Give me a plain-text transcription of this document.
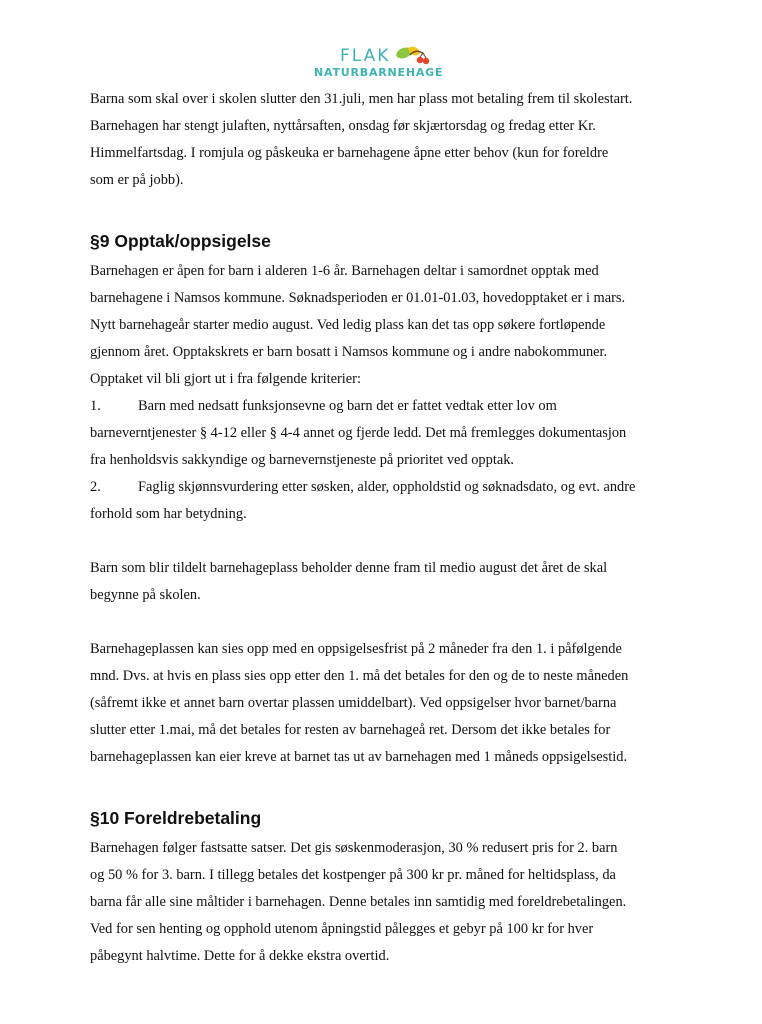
FLAK
NATURBARNEHAGE

Barna som skal over i skolen slutter den 31.juli, men har plass mot betaling frem til skolestart.
Barnehagen har stengt julaften, nyttårsaften, onsdag før skjærtorsdag og fredag etter Kr.
Himmelfartsdag. I romjula og påskeuka er barnehagene åpne etter behov (kun for foreldre
som er på jobb).

§9 Opptak/oppsigelse

Barnehagen er åpen for barn i alderen 1-6 år. Barnehagen deltar i samordnet opptak med
barnehagene i Namsos kommune. Søknadsperioden er 01.01-01.03, hovedopptaket er i mars.
Nytt barnehageår starter medio august. Ved ledig plass kan det tas opp søkere fortløpende
gjennom året. Opptakskrets er barn bosatt i Namsos kommune og i andre nabokommuner.
Opptaket vil bli gjort ut i fra følgende kriterier:

1.	Barn med nedsatt funksjonsevne og barn det er fattet vedtak etter lov om
barneverntjenester § 4-12 eller § 4-4 annet og fjerde ledd. Det må fremlegges dokumentasjon
fra henholdsvis sakkyndige og barnevernstjeneste på prioritet ved opptak.
2.	Faglig skjønnsvurdering etter søsken, alder, oppholdstid og søknadsdato, og evt. andre
forhold som har betydning.

Barn som blir tildelt barnehageplass beholder denne fram til medio august det året de skal
begynne på skolen.

Barnehageplassen kan sies opp med en oppsigelsesfrist på 2 måneder fra den 1. i påfølgende
mnd. Dvs. at hvis en plass sies opp etter den 1. må det betales for den og de to neste måneden
(såfremt ikke et annet barn overtar plassen umiddelbart). Ved oppsigelser hvor barnet/barna
slutter etter 1.mai, må det betales for resten av barnehageå ret. Dersom det ikke betales for
barnehageplassen kan eier kreve at barnet tas ut av barnehagen med 1 måneds oppsigelsestid.

§10 Foreldrebetaling

Barnehagen følger fastsatte satser. Det gis søskenmoderasjon, 30 % redusert pris for 2. barn
og 50 % for 3. barn. I tillegg betales det kostpenger på 300 kr pr. måned for heltidsplass, da
barna får alle sine måltider i barnehagen. Denne betales inn samtidig med foreldrebetalingen.
Ved for sen henting og opphold utenom åpningstid pålegges et gebyr på 100 kr for hver
påbegynt halvtime. Dette for å dekke ekstra overtid.
